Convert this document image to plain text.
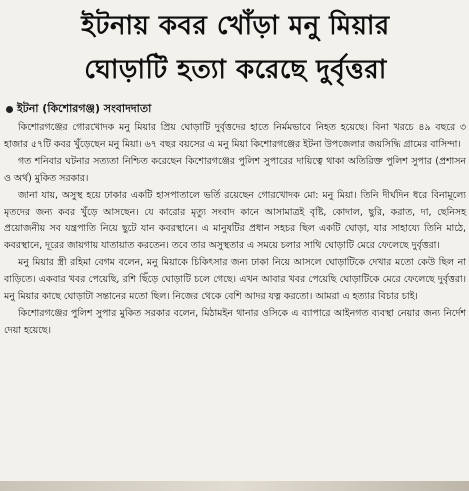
ইটনায় কবর খোঁড়া মনু মিয়ার
ঘোড়াটি হত্যা করেছে দুর্বৃত্তরা
ইটনা (কিশোরগঞ্জ) সংবাদদাতা

কিশোরগঞ্জের গোরখোদক মনু মিয়ার প্রিয় ঘোড়াটি দুর্বৃত্তদের হাতে নির্মমভাবে নিহত হয়েছে। বিনা খরচে ৪৯ বছরে ৩ হাজার ৫৭টি কবর খুঁড়েছেন মনু মিয়া। ৬৭ বছর বয়সের এ মনু মিয়া কিশোরগঞ্জের ইটনা উপজেলার জয়সিদ্ধি গ্রামের বাসিন্দা।

গত শনিবার ঘটনার সত্যতা নিশ্চিত করেছেন কিশোরগঞ্জের পুলিশ সুপারের দায়িত্বে থাকা অতিরিক্ত পুলিশ সুপার (প্রশাসন ও অর্থ) মুকিত সরকার।

জানা যায়, অসুস্থ হয়ে ঢাকার একটি হাসপাতালে ভর্তি রয়েছেন গোরখোদক মো: মনু মিয়া। তিনি দীর্ঘদিন ধরে বিনামূল্যে মৃতদের জন্য কবর খুঁড়ে আসছেন। যে কারোর মৃত্যু সংবাদ কানে আসামাত্রই বৃষ্টি, কোদাল, ছুরি, করাত, দা, ছেনিসহ প্রয়োজনীয় সব যন্ত্রপাতি নিয়ে ছুটে যান কবরস্থানে। এ মানুষটির প্রধান সহচর ছিল একটি ঘোড়া, যার সাহায্যে তিনি মাঠে, কবরস্থানে, দূরের জায়গায় যাতায়াত করতেন। তবে তার অসুস্থতার এ সময়ে চলার সাথি ঘোড়াটি মেরে ফেলেছে দুর্বৃত্তরা।

মনু মিয়ার স্ত্রী রহিমা বেগম বলেন, মনু মিয়াকে চিকিৎসার জন্য ঢাকা নিয়ে আসলে ঘোড়াটিকে দেখার মতো কেউ ছিল না বাড়িতে। একবার খবর পেয়েছি, রশি ছিঁড়ে ঘোড়াটি চলে গেছে। এখন আবার খবর পেয়েছি ঘোড়াটিকে মেরে ফেলেছে দুর্বৃত্তরা। মনু মিয়ার কাছে ঘোড়াটা সন্তানের মতো ছিল। নিজের থেকে বেশি আদর যত্ন করতো। আমরা এ হত্যার বিচার চাই।

কিশোরগঞ্জের পুলিশ সুপার মুকিত সরকার বলেন, মিঠামইন থানার ওসিকে এ ব্যাপারে আইনগত ব্যবস্থা নেয়ার জন্য নির্দেশ দেয়া হয়েছে।
